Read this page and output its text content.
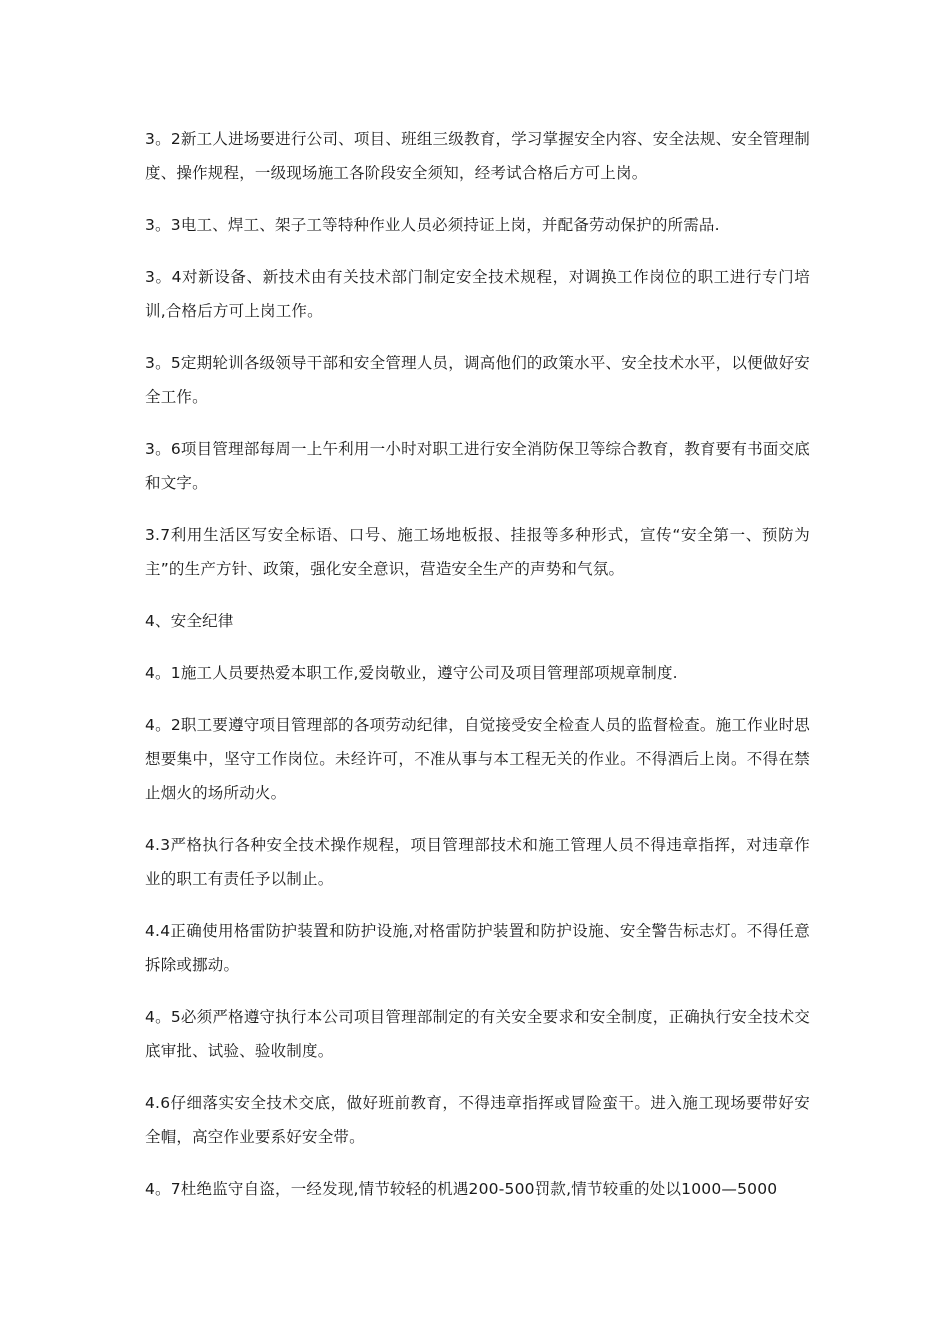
3。2新工人进场要进行公司、项目、班组三级教育，学习掌握安全内容、安全法规、安全管理制度、操作规程，一级现场施工各阶段安全须知，经考试合格后方可上岗。

3。3电工、焊工、架子工等特种作业人员必须持证上岗，并配备劳动保护的所需品.

3。4对新设备、新技术由有关技术部门制定安全技术规程，对调换工作岗位的职工进行专门培训,合格后方可上岗工作。

3。5定期轮训各级领导干部和安全管理人员，调高他们的政策水平、安全技术水平，以便做好安全工作。

3。6项目管理部每周一上午利用一小时对职工进行安全消防保卫等综合教育，教育要有书面交底和文字。

3.7利用生活区写安全标语、口号、施工场地板报、挂报等多种形式，宣传“安全第一、预防为主”的生产方针、政策，强化安全意识，营造安全生产的声势和气氛。

4、安全纪律

4。1施工人员要热爱本职工作,爱岗敬业，遵守公司及项目管理部项规章制度.

4。2职工要遵守项目管理部的各项劳动纪律，自觉接受安全检查人员的监督检查。施工作业时思想要集中，坚守工作岗位。未经许可，不准从事与本工程无关的作业。不得酒后上岗。不得在禁止烟火的场所动火。

4.3严格执行各种安全技术操作规程，项目管理部技术和施工管理人员不得违章指挥，对违章作业的职工有责任予以制止。

4.4正确使用格雷防护装置和防护设施,对格雷防护装置和防护设施、安全警告标志灯。不得任意拆除或挪动。

4。5必须严格遵守执行本公司项目管理部制定的有关安全要求和安全制度，正确执行安全技术交底审批、试验、验收制度。

4.6仔细落实安全技术交底，做好班前教育，不得违章指挥或冒险蛮干。进入施工现场要带好安全帽，高空作业要系好安全带。

4。7杜绝监守自盗，一经发现,情节较轻的机遇200-500罚款,情节较重的处以1000—5000
